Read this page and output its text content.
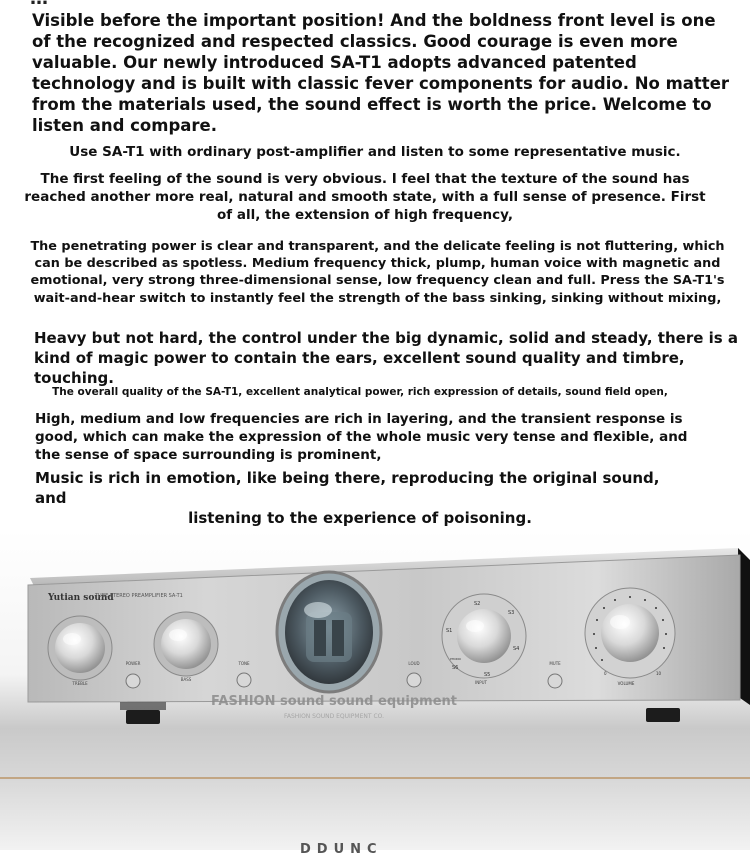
Visible before the important position! And the boldness front level is one of the recognized and respected classics. Good courage is even more valuable. Our newly introduced SA-T1 adopts advanced patented technology and is built with classic fever components for audio. No matter from the materials used, the sound effect is worth the price. Welcome to listen and compare.

Use SA-T1 with ordinary post-amplifier and listen to some representative music.

The first feeling of the sound is very obvious. I feel that the texture of the sound has reached another more real, natural and smooth state, with a full sense of presence. First of all, the extension of high frequency,

The penetrating power is clear and transparent, and the delicate feeling is not fluttering, which can be described as spotless. Medium frequency thick, plump, human voice with magnetic and emotional, very strong three-dimensional sense, low frequency clean and full. Press the SA-T1's wait-and-hear switch to instantly feel the strength of the bass sinking, sinking without mixing,

Heavy but not hard, the control under the big dynamic, solid and steady, there is a kind of magic power to contain the ears, excellent sound quality and timbre, touching.

The overall quality of the SA-T1, excellent analytical power, rich expression of details, sound field open,

High, medium and low frequencies are rich in layering, and the transient response is good, which can make the expression of the whole music very tense and flexible, and the sense of space surrounding is prominent,

Music is rich in emotion, like being there, reproducing the original sound, and
listening to the experience of poisoning.

Yutian sound
TUBE STEREO PREAMPLIFIER SA-T1
TREBLE
POWER
BASS
TONE	LOUD
S2
S3
S4
S5
S6
S1
PHONO
INPUT
MUTE
0	10
VOLUME
FASHION sound sound equipment
FASHION SOUND EQUIPMENT CO.
DDUNC
